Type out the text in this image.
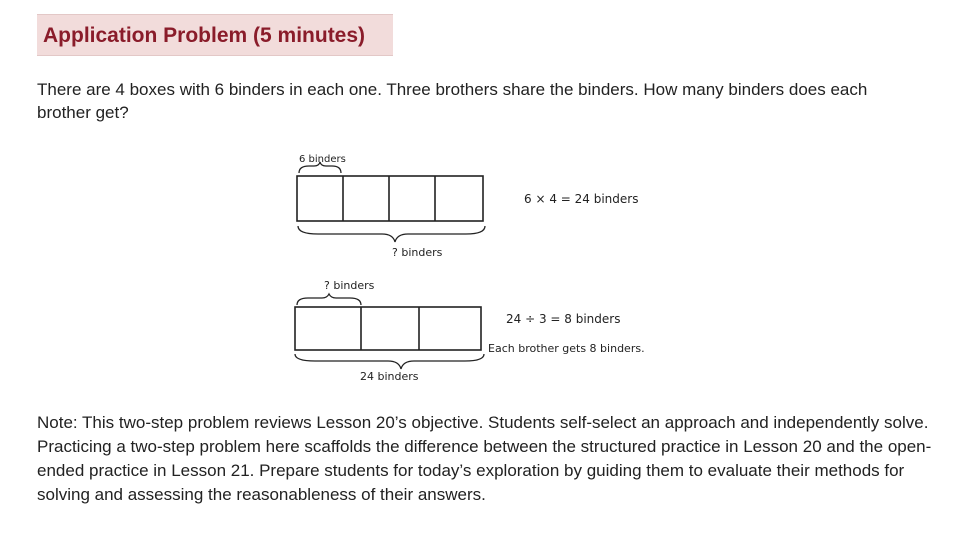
Application Problem (5 minutes)
There are 4 boxes with 6 binders in each one. Three brothers share the binders. How many binders does each brother get?
6 binders
? binders
6 × 4 = 24 binders
? binders
24 binders
24 ÷ 3 = 8 binders
Each brother gets 8 binders.
Note: This two-step problem reviews Lesson 20’s objective. Students self-select an approach and independently solve. Practicing a two-step problem here scaffolds the difference between the structured practice in Lesson 20 and the open-ended practice in Lesson 21. Prepare students for today’s exploration by guiding them to evaluate their methods for solving and assessing the reasonableness of their answers.
